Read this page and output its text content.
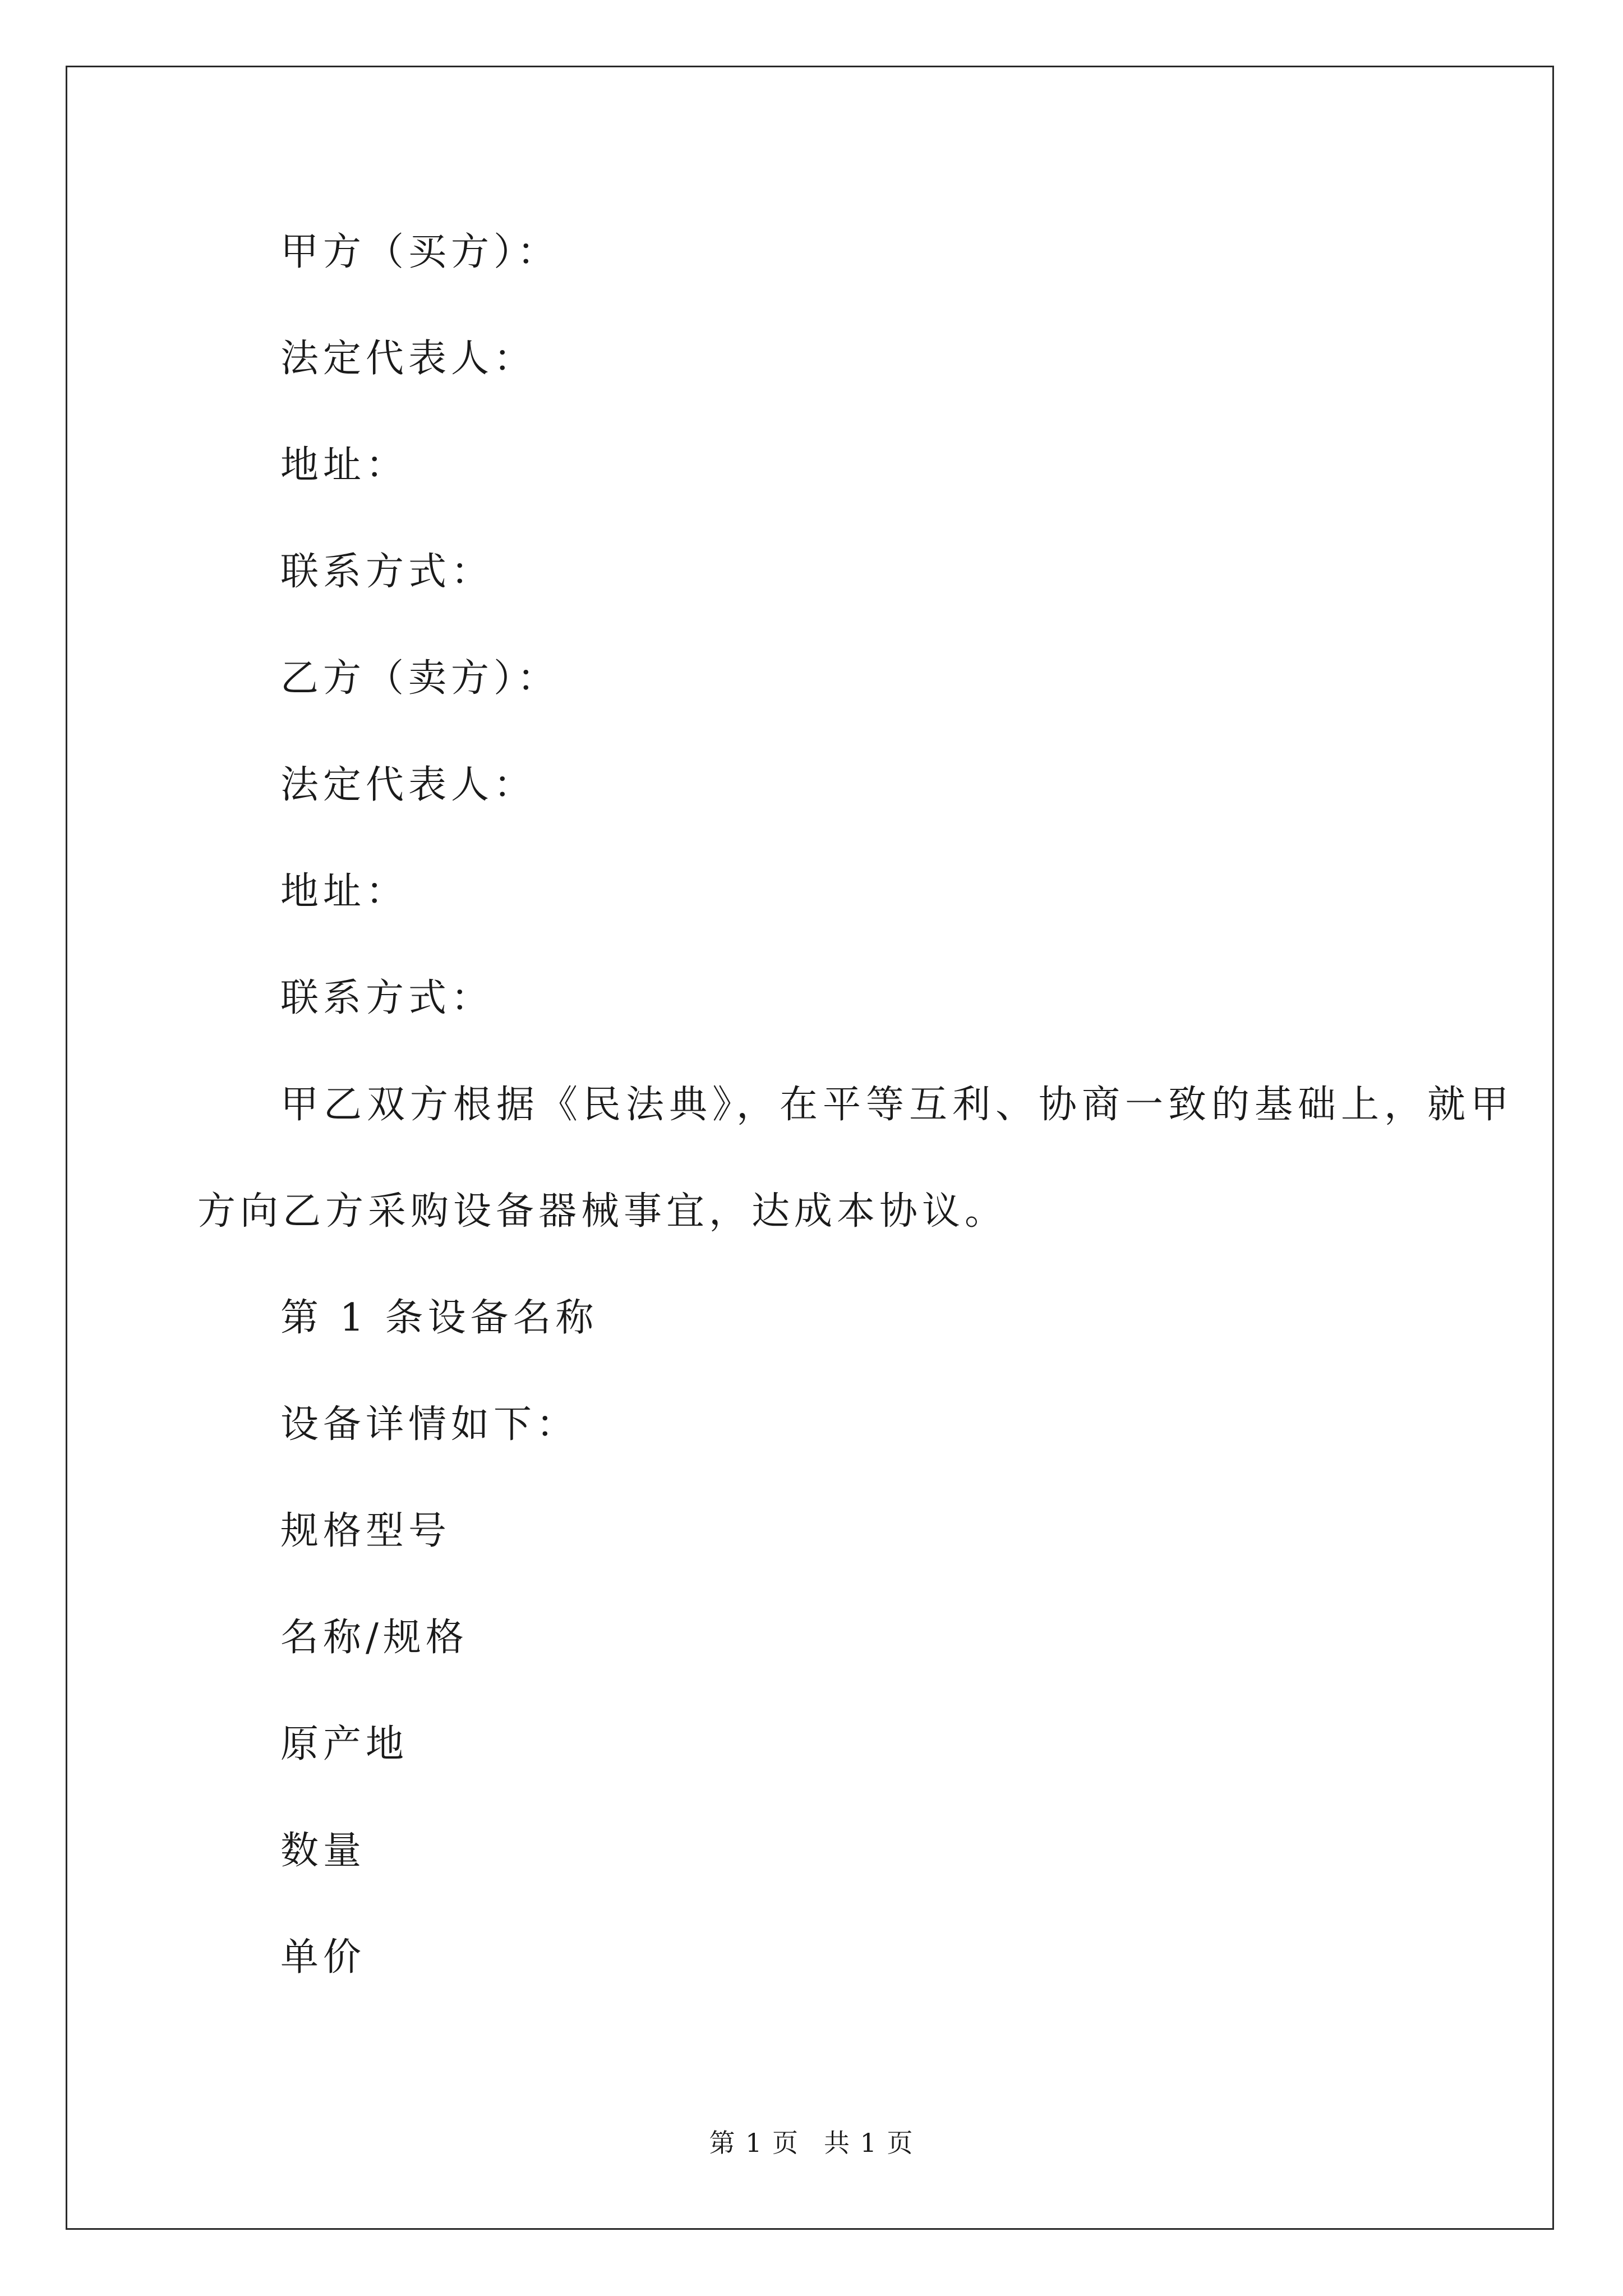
甲方（买方）：
法定代表人：
地址：
联系方式：
乙方（卖方）：
法定代表人：
地址：
联系方式：
甲乙双方根据《民法典》，在平等互利、协商一致的基础上，就甲
方向乙方采购设备器械事宜，达成本协议。
第 1 条设备名称
设备详情如下：
规格型号
名称/规格
原产地
数量
单价
第 1 页 共 1 页
